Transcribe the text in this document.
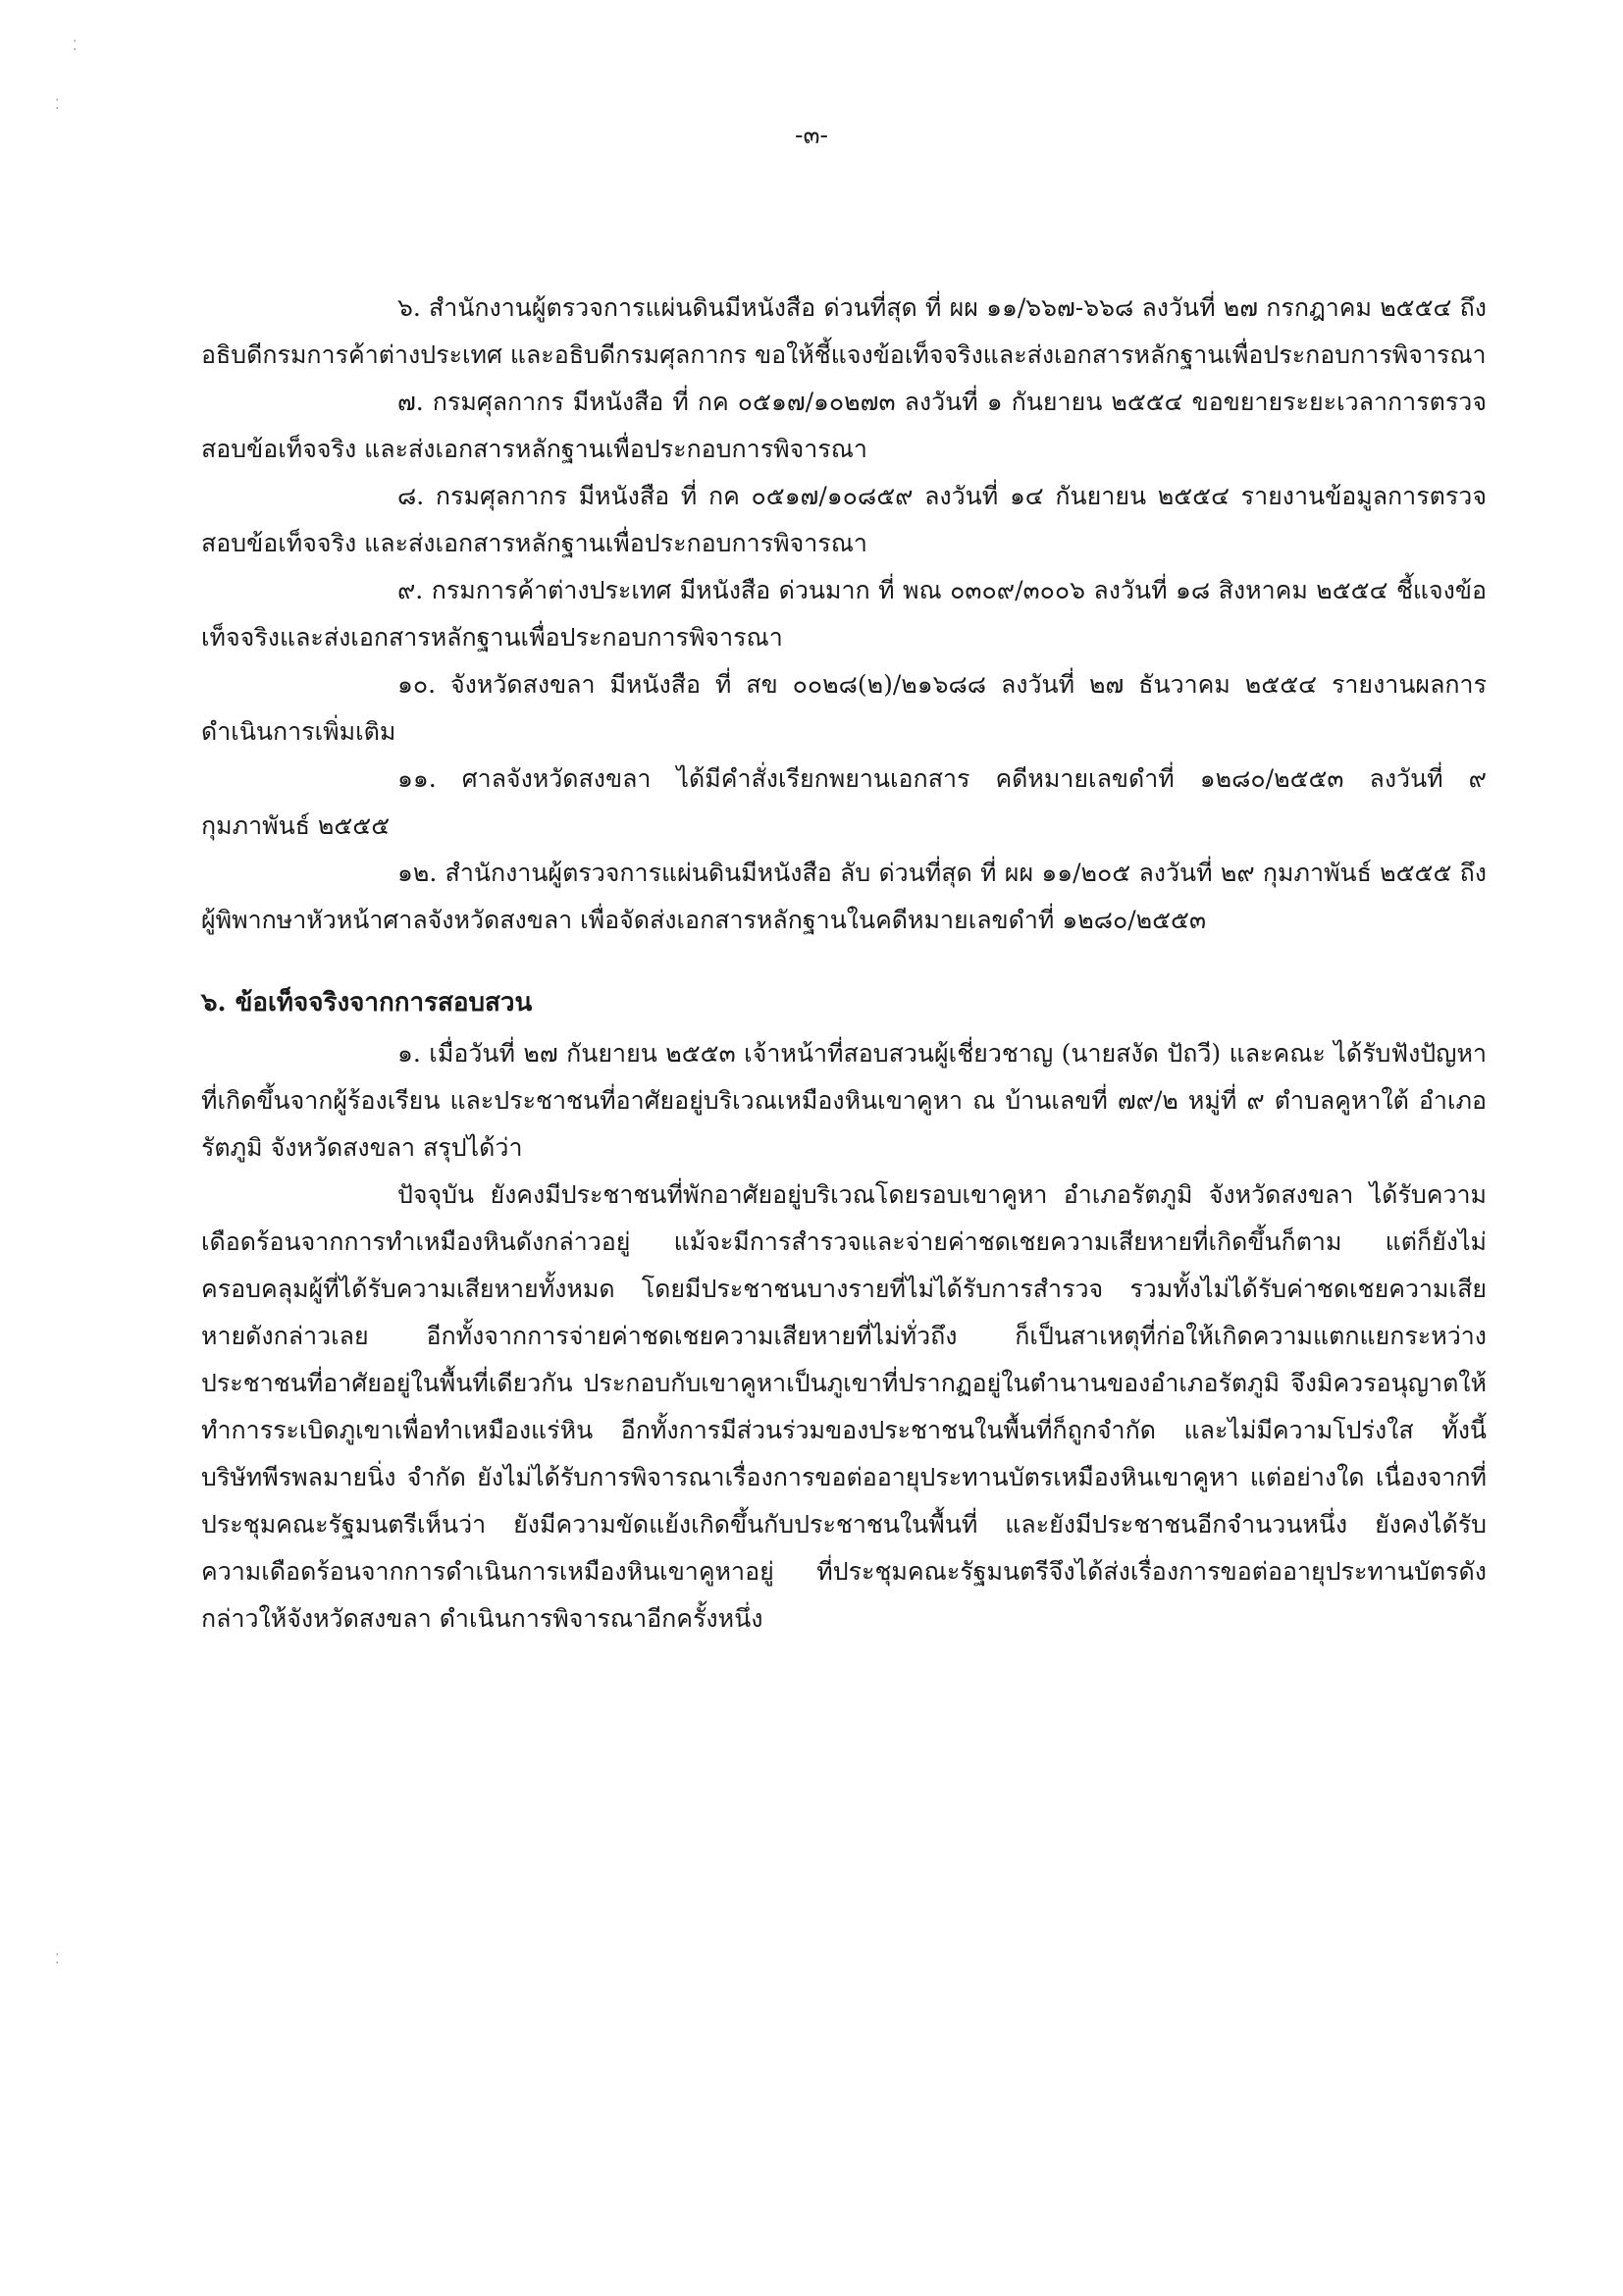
⁚
⁚
⁚
-๓-

๖. สำนักงานผู้ตรวจการแผ่นดินมีหนังสือ ด่วนที่สุด ที่ ผผ ๑๑/๖๖๗-๖๖๘ ลงวันที่ ๒๗ กรกฎาคม ๒๕๕๔ ถึงอธิบดีกรมการค้าต่างประเทศ และอธิบดีกรมศุลกากร ขอให้ชี้แจงข้อเท็จจริงและส่งเอกสารหลักฐานเพื่อประกอบการพิจารณา

๗. กรมศุลกากร มีหนังสือ ที่ กค ๐๕๑๗/๑๐๒๗๓ ลงวันที่ ๑ กันยายน ๒๕๕๔ ขอขยายระยะเวลาการตรวจสอบข้อเท็จจริง และส่งเอกสารหลักฐานเพื่อประกอบการพิจารณา

๘. กรมศุลกากร มีหนังสือ ที่ กค ๐๕๑๗/๑๐๘๕๙ ลงวันที่ ๑๔ กันยายน ๒๕๕๔ รายงานข้อมูลการตรวจสอบข้อเท็จจริง และส่งเอกสารหลักฐานเพื่อประกอบการพิจารณา

๙. กรมการค้าต่างประเทศ มีหนังสือ ด่วนมาก ที่ พณ ๐๓๐๙/๓๐๐๖ ลงวันที่ ๑๘ สิงหาคม ๒๕๕๔ ชี้แจงข้อเท็จจริงและส่งเอกสารหลักฐานเพื่อประกอบการพิจารณา

๑๐. จังหวัดสงขลา มีหนังสือ ที่ สข ๐๐๒๘(๒)/๒๑๖๘๘ ลงวันที่ ๒๗ ธันวาคม ๒๕๕๔ รายงานผลการดำเนินการเพิ่มเติม

๑๑. ศาลจังหวัดสงขลา ได้มีคำสั่งเรียกพยานเอกสาร คดีหมายเลขดำที่ ๑๒๘๐/๒๕๕๓ ลงวันที่ ๙ กุมภาพันธ์ ๒๕๕๕

๑๒. สำนักงานผู้ตรวจการแผ่นดินมีหนังสือ ลับ ด่วนที่สุด ที่ ผผ ๑๑/๒๐๕ ลงวันที่ ๒๙ กุมภาพันธ์ ๒๕๕๕ ถึงผู้พิพากษาหัวหน้าศาลจังหวัดสงขลา เพื่อจัดส่งเอกสารหลักฐานในคดีหมายเลขดำที่ ๑๒๘๐/๒๕๕๓

๖. ข้อเท็จจริงจากการสอบสวน

๑. เมื่อวันที่ ๒๗ กันยายน ๒๕๕๓ เจ้าหน้าที่สอบสวนผู้เชี่ยวชาญ (นายสงัด ปัถวี) และคณะ ได้รับฟังปัญหาที่เกิดขึ้นจากผู้ร้องเรียน และประชาชนที่อาศัยอยู่บริเวณเหมืองหินเขาคูหา ณ บ้านเลขที่ ๗๙/๒ หมู่ที่ ๙ ตำบลคูหาใต้ อำเภอรัตภูมิ จังหวัดสงขลา สรุปได้ว่า

ปัจจุบัน ยังคงมีประชาชนที่พักอาศัยอยู่บริเวณโดยรอบเขาคูหา อำเภอรัตภูมิ จังหวัดสงขลา ได้รับความเดือดร้อนจากการทำเหมืองหินดังกล่าวอยู่ แม้จะมีการสำรวจและจ่ายค่าชดเชยความเสียหายที่เกิดขึ้นก็ตาม แต่ก็ยังไม่ครอบคลุมผู้ที่ได้รับความเสียหายทั้งหมด โดยมีประชาชนบางรายที่ไม่ได้รับการสำรวจ รวมทั้งไม่ได้รับค่าชดเชยความเสียหายดังกล่าวเลย อีกทั้งจากการจ่ายค่าชดเชยความเสียหายที่ไม่ทั่วถึง ก็เป็นสาเหตุที่ก่อให้เกิดความแตกแยกระหว่างประชาชนที่อาศัยอยู่ในพื้นที่เดียวกัน ประกอบกับเขาคูหาเป็นภูเขาที่ปรากฏอยู่ในตำนานของอำเภอรัตภูมิ จึงมิควรอนุญาตให้ทำการระเบิดภูเขาเพื่อทำเหมืองแร่หิน อีกทั้งการมีส่วนร่วมของประชาชนในพื้นที่ก็ถูกจำกัด และไม่มีความโปร่งใส ทั้งนี้ บริษัทพีรพลมายนิ่ง จำกัด ยังไม่ได้รับการพิจารณาเรื่องการขอต่ออายุประทานบัตรเหมืองหินเขาคูหา แต่อย่างใด เนื่องจากที่ประชุมคณะรัฐมนตรีเห็นว่า ยังมีความขัดแย้งเกิดขึ้นกับประชาชนในพื้นที่ และยังมีประชาชนอีกจำนวนหนึ่ง ยังคงได้รับความเดือดร้อนจากการดำเนินการเหมืองหินเขาคูหาอยู่ ที่ประชุมคณะรัฐมนตรีจึงได้ส่งเรื่องการขอต่ออายุประทานบัตรดังกล่าวให้จังหวัดสงขลา ดำเนินการพิจารณาอีกครั้งหนึ่ง
